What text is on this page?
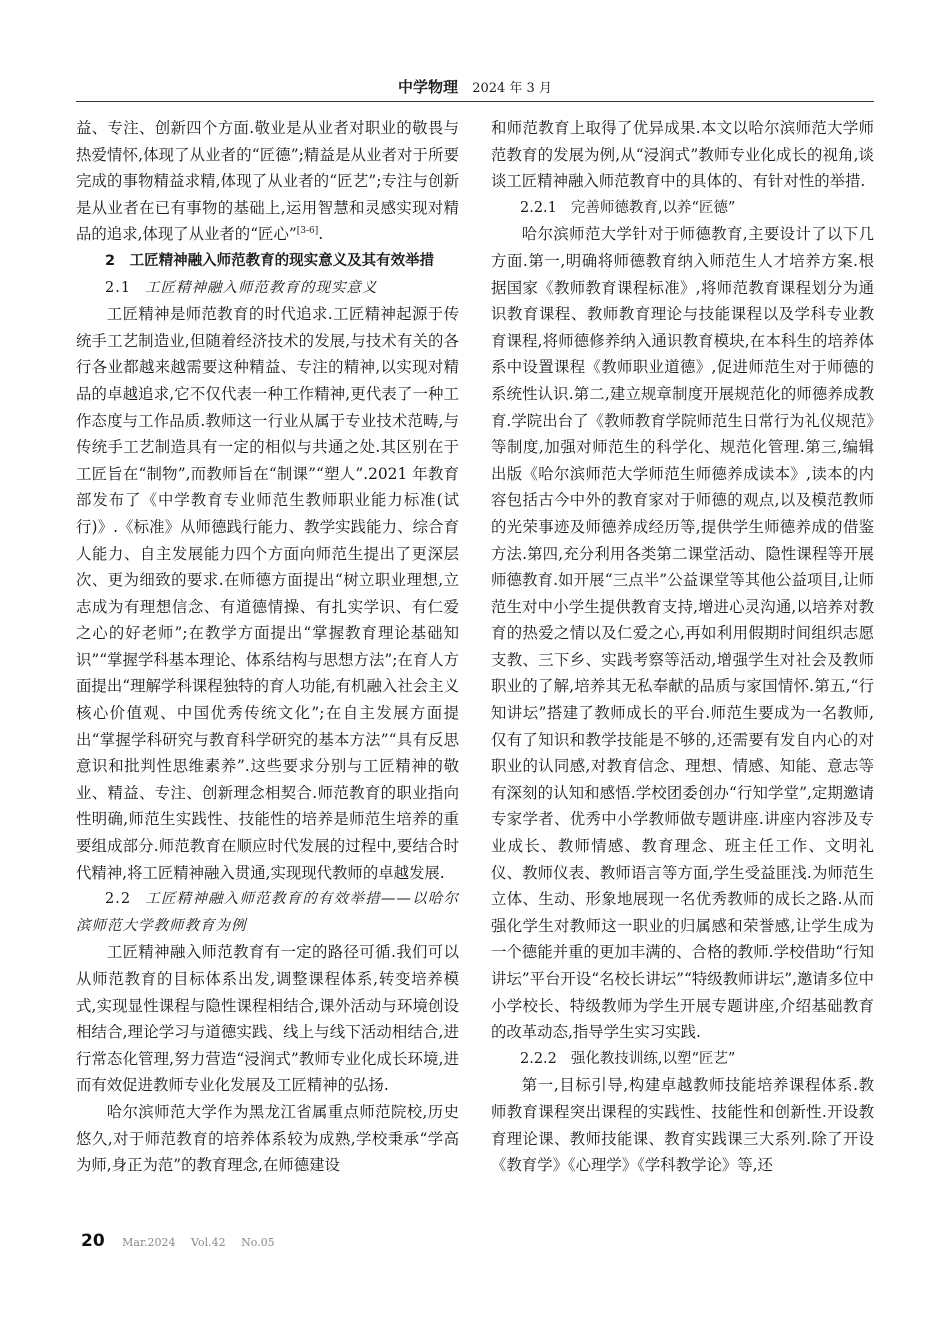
中学物理 2024 年 3 月

益、专注、创新四个方面.敬业是从业者对职业的敬畏与热爱情怀,体现了从业者的“匠德”;精益是从业者对于所要完成的事物精益求精,体现了从业者的“匠艺”;专注与创新是从业者在已有事物的基础上,运用智慧和灵感实现对精品的追求,体现了从业者的“匠心”[3-6].

2　工匠精神融入师范教育的现实意义及其有效举措

2.1 工匠精神融入师范教育的现实意义

工匠精神是师范教育的时代追求.工匠精神起源于传统手工艺制造业,但随着经济技术的发展,与技术有关的各行各业都越来越需要这种精益、专注的精神,以实现对精品的卓越追求,它不仅代表一种工作精神,更代表了一种工作态度与工作品质.教师这一行业从属于专业技术范畴,与传统手工艺制造具有一定的相似与共通之处.其区别在于工匠旨在“制物”,而教师旨在“制课”“塑人”.2021 年教育部发布了《中学教育专业师范生教师职业能力标准(试行)》.《标准》从师德践行能力、教学实践能力、综合育人能力、自主发展能力四个方面向师范生提出了更深层次、更为细致的要求.在师德方面提出“树立职业理想,立志成为有理想信念、有道德情操、有扎实学识、有仁爱之心的好老师”;在教学方面提出“掌握教育理论基础知识”“掌握学科基本理论、体系结构与思想方法”;在育人方面提出“理解学科课程独特的育人功能,有机融入社会主义核心价值观、中国优秀传统文化”;在自主发展方面提出“掌握学科研究与教育科学研究的基本方法”“具有反思意识和批判性思维素养”.这些要求分别与工匠精神的敬业、精益、专注、创新理念相契合.师范教育的职业指向性明确,师范生实践性、技能性的培养是师范生培养的重要组成部分.师范教育在顺应时代发展的过程中,要结合时代精神,将工匠精神融入贯通,实现现代教师的卓越发展.

2.2 工匠精神融入师范教育的有效举措——以哈尔滨师范大学教师教育为例

工匠精神融入师范教育有一定的路径可循.我们可以从师范教育的目标体系出发,调整课程体系,转变培养模式,实现显性课程与隐性课程相结合,课外活动与环境创设相结合,理论学习与道德实践、线上与线下活动相结合,进行常态化管理,努力营造“浸润式”教师专业化成长环境,进而有效促进教师专业化发展及工匠精神的弘扬.

哈尔滨师范大学作为黑龙江省属重点师范院校,历史悠久,对于师范教育的培养体系较为成熟,学校秉承“学高为师,身正为范”的教育理念,在师德建设

和师范教育上取得了优异成果.本文以哈尔滨师范大学师范教育的发展为例,从“浸润式”教师专业化成长的视角,谈谈工匠精神融入师范教育中的具体的、有针对性的举措.

2.2.1 完善师德教育,以养“匠德”

哈尔滨师范大学针对于师德教育,主要设计了以下几方面.第一,明确将师德教育纳入师范生人才培养方案.根据国家《教师教育课程标准》,将师范教育课程划分为通识教育课程、教师教育理论与技能课程以及学科专业教育课程,将师德修养纳入通识教育模块,在本科生的培养体系中设置课程《教师职业道德》,促进师范生对于师德的系统性认识.第二,建立规章制度开展规范化的师德养成教育.学院出台了《教师教育学院师范生日常行为礼仪规范》等制度,加强对师范生的科学化、规范化管理.第三,编辑出版《哈尔滨师范大学师范生师德养成读本》,读本的内容包括古今中外的教育家对于师德的观点,以及模范教师的光荣事迹及师德养成经历等,提供学生师德养成的借鉴方法.第四,充分利用各类第二课堂活动、隐性课程等开展师德教育.如开展“三点半”公益课堂等其他公益项目,让师范生对中小学生提供教育支持,增进心灵沟通,以培养对教育的热爱之情以及仁爱之心,再如利用假期时间组织志愿支教、三下乡、实践考察等活动,增强学生对社会及教师职业的了解,培养其无私奉献的品质与家国情怀.第五,“行知讲坛”搭建了教师成长的平台.师范生要成为一名教师,仅有了知识和教学技能是不够的,还需要有发自内心的对职业的认同感,对教育信念、理想、情感、知能、意志等有深刻的认知和感悟.学校团委创办“行知学堂”,定期邀请专家学者、优秀中小学教师做专题讲座.讲座内容涉及专业成长、教师情感、教育理念、班主任工作、文明礼仪、教师仪表、教师语言等方面,学生受益匪浅.为师范生立体、生动、形象地展现一名优秀教师的成长之路.从而强化学生对教师这一职业的归属感和荣誉感,让学生成为一个德能并重的更加丰满的、合格的教师.学校借助“行知讲坛”平台开设“名校长讲坛”“特级教师讲坛”,邀请多位中小学校长、特级教师为学生开展专题讲座,介绍基础教育的改革动态,指导学生实习实践.

2.2.2 强化教技训练,以塑“匠艺”

第一,目标引导,构建卓越教师技能培养课程体系.教师教育课程突出课程的实践性、技能性和创新性.开设教育理论课、教师技能课、教育实践课三大系列.除了开设《教育学》《心理学》《学科教学论》等,还

20 Mar.2024 Vol.42 No.05
